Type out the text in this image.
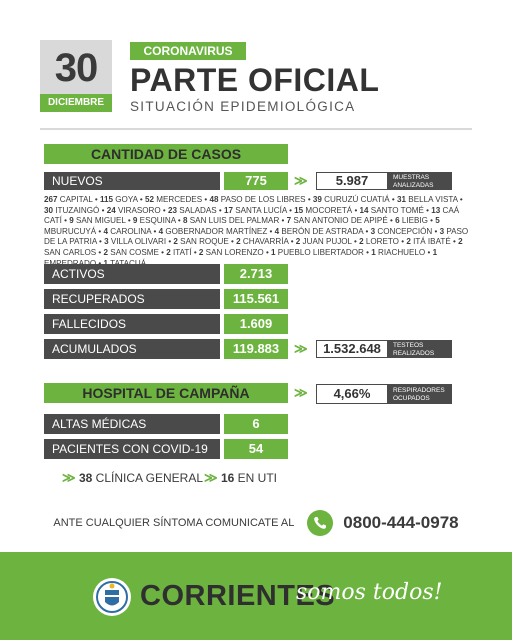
30
DICIEMBRE
CORONAVIRUS
PARTE OFICIAL
SITUACIÓN EPIDEMIOLÓGICA
CANTIDAD DE CASOS
NUEVOS	775	≫	5.987	MUESTRAS ANALIZADAS
267 CAPITAL • 115 GOYA • 52 MERCEDES • 48 PASO DE LOS LIBRES • 39 CURUZÚ CUATIÁ • 31 BELLA VISTA • 30 ITUZAINGÓ • 24 VIRASORO • 23 SALADAS • 17 SANTA LUCÍA • 15 MOCORETÁ • 14 SANTO TOMÉ • 13 CAÁ CATÍ • 9 SAN MIGUEL • 9 ESQUINA • 8 SAN LUIS DEL PALMAR • 7 SAN ANTONIO DE APIPÉ • 6 LIEBIG • 5 MBURUCUYÁ • 4 CAROLINA • 4 GOBERNADOR MARTÍNEZ • 4 BERÓN DE ASTRADA • 3 CONCEPCIÓN • 3 PASO DE LA PATRIA • 3 VILLA OLIVARI • 2 SAN ROQUE • 2 CHAVARRÍA • 2 JUAN PUJOL • 2 LORETO • 2 ITÁ IBATÉ • 2 SAN CARLOS • 2 SAN COSME • 2 ITATÍ • 2 SAN LORENZO • 1 PUEBLO LIBERTADOR • 1 RIACHUELO • 1
ACTIVOS	2.713
RECUPERADOS	115.561
FALLECIDOS	1.609
ACUMULADOS	119.883	≫	1.532.648	TESTEOS REALIZADOS
HOSPITAL DE CAMPAÑA	≫	4,66%	RESPIRADORES OCUPADOS
ALTAS MÉDICAS	6
PACIENTES CON COVID-19	54
≫ 38 CLÍNICA GENERAL ≫ 16 EN UTI
ANTE CUALQUIER SÍNTOMA COMUNICATE AL	0800-444-0978
CORRIENTES
somos todos!
